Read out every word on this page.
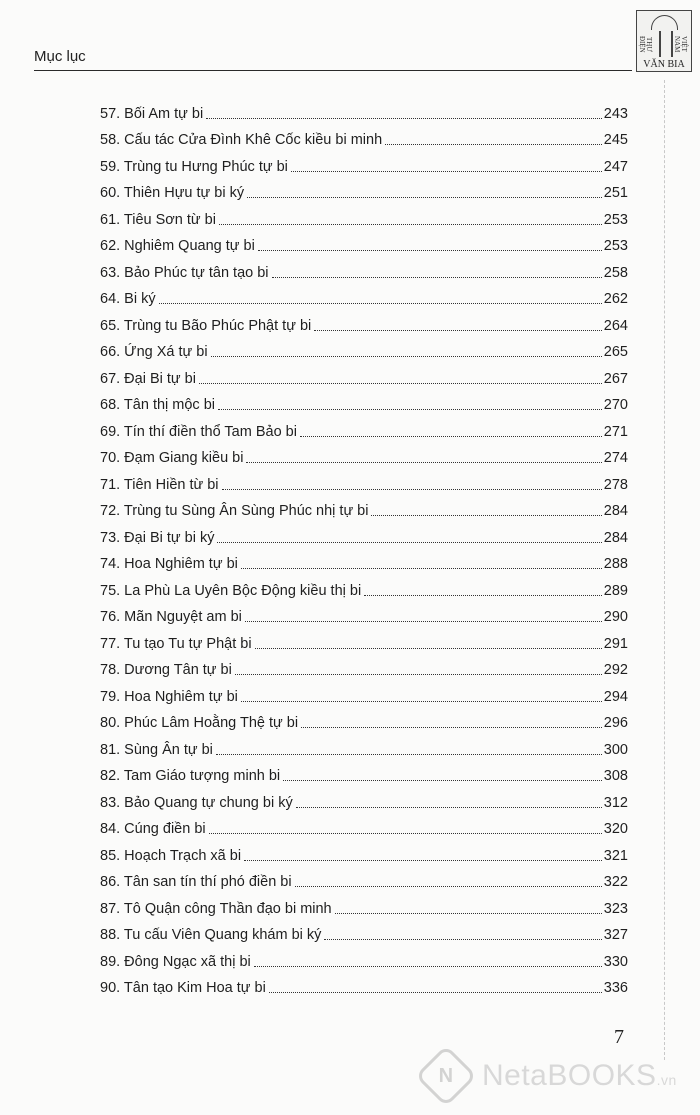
Mục lục
THƯ ĐIỆN	VIỆT NAM
VĂN BIA
57. Bối Am tự bi	243
58. Cấu tác Cửa Đình Khê Cốc kiều bi minh	245
59. Trùng tu Hưng Phúc tự bi	247
60. Thiên Hựu tự bi ký	251
61. Tiêu Sơn từ bi	253
62. Nghiêm Quang tự bi	253
63. Bảo Phúc tự tân tạo bi	258
64. Bi ký	262
65. Trùng tu Bão Phúc Phật tự bi	264
66. Ứng Xá tự bi	265
67. Đại Bi tự bi	267
68. Tân thị mộc bi	270
69. Tín thí điền thổ Tam Bảo bi	271
70. Đạm Giang kiều bi	274
71. Tiên Hiền từ bi	278
72. Trùng tu Sùng Ân Sùng Phúc nhị tự bi	284
73. Đại Bi tự bi ký	284
74. Hoa Nghiêm tự bi	288
75. La Phù La Uyên Bộc Động kiều thị bi	289
76. Mãn Nguyệt am bi	290
77. Tu tạo Tu tự Phật bi	291
78. Dương Tân tự bi	292
79. Hoa Nghiêm tự bi	294
80. Phúc Lâm Hoằng Thệ tự bi	296
81. Sùng Ân tự bi	300
82. Tam Giáo tượng minh bi	308
83. Bảo Quang tự chung bi ký	312
84. Cúng điền bi	320
85. Hoạch Trạch xã bi	321
86. Tân san tín thí phó điền bi	322
87. Tô Quận công Thần đạo bi minh	323
88. Tu cấu Viên Quang khám bi ký	327
89. Đông Ngạc xã thị bi	330
90. Tân tạo Kim Hoa tự bi	336
7
N NetaBOOKS.vn
